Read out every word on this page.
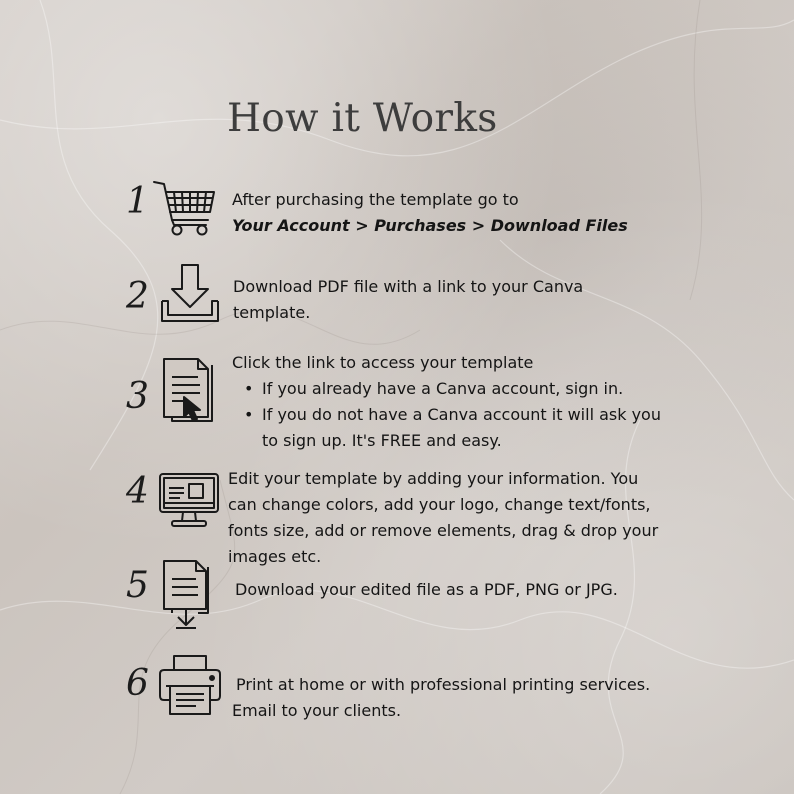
How it Works
1	After purchasing the template go to
Your Account > Purchases > Download Files
2	Download PDF file with a link to your Canva template.
3
Click the link to access your template
• If you already have a Canva account, sign in.
• If you do not have a Canva account it will ask you to sign up. It's FREE and easy.
4	Edit your template by adding your information. You can change colors, add your logo, change text/fonts, fonts size, add or remove elements, drag & drop your images etc.
5	Download your edited file as a PDF, PNG or JPG.
6	Print at home or with professional printing services. Email to your clients.
